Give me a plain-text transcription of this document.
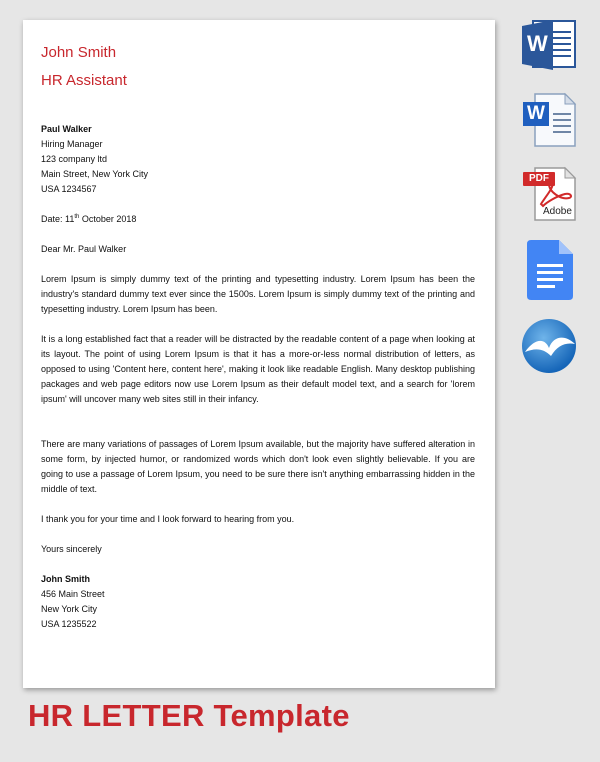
John Smith
HR Assistant
Paul Walker
Hiring Manager
123 company ltd
Main Street, New York City
USA 1234567
Date: 11th October 2018
Dear Mr. Paul Walker
Lorem Ipsum is simply dummy text of the printing and typesetting industry. Lorem Ipsum has been the industry's standard dummy text ever since the 1500s. Lorem Ipsum is simply dummy text of the printing and typesetting industry. Lorem Ipsum has been.
It is a long established fact that a reader will be distracted by the readable content of a page when looking at its layout. The point of using Lorem Ipsum is that it has a more-or-less normal distribution of letters, as opposed to using 'Content here, content here', making it look like readable English. Many desktop publishing packages and web page editors now use Lorem Ipsum as their default model text, and a search for 'lorem ipsum' will uncover many web sites still in their infancy.
There are many variations of passages of Lorem Ipsum available, but the majority have suffered alteration in some form, by injected humor, or randomized words which don't look even slightly believable. If you are going to use a passage of Lorem Ipsum, you need to be sure there isn't anything embarrassing hidden in the middle of text.
I thank you for your time and I look forward to hearing from you.
Yours sincerely
John Smith
456 Main Street
New York City
USA 1235522
HR LETTER Template
W
W
PDF
Adobe
